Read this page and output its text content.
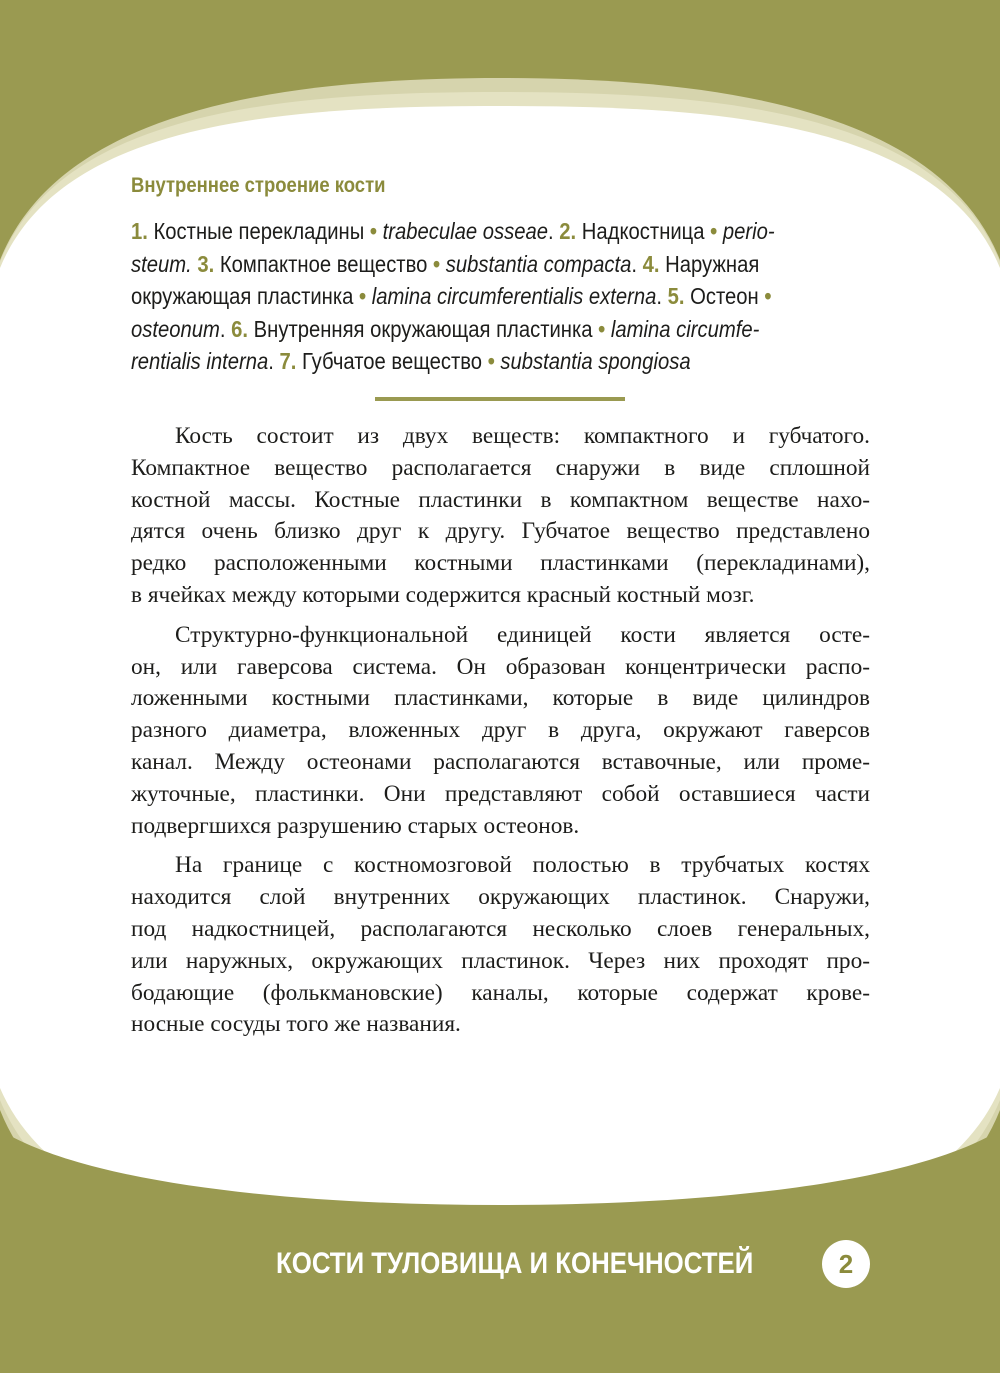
Внутреннее строение кости
1. Костные перекладины • trabeculae osseae. 2. Надкостница • perio-
steum. 3. Компактное вещество • substantia compacta. 4. Наружная
окружающая пластинка • lamina circumferentialis externa. 5. Остеон •
osteonum. 6. Внутренняя окружающая пластинка • lamina circumfe-
rentialis interna. 7. Губчатое вещество • substantia spongiosa

Кость состоит из двух веществ: компактного и губчатого.
Компактное вещество располагается снаружи в виде сплошной
костной массы. Костные пластинки в компактном веществе нахо-
дятся очень близко друг к другу. Губчатое вещество представлено
редко расположенными костными пластинками (перекладинами),
в ячейках между которыми содержится красный костный мозг.

Структурно-функциональной единицей кости является остe-
он, или гаверсова система. Он образован концентрически распо-
ложенными костными пластинками, которые в виде цилиндров
разного диаметра, вложенных друг в друга, окружают гаверсов
канал. Между остеонами располагаются вставочные, или проме-
жуточные, пластинки. Они представляют собой оставшиеся части
подвергшихся разрушению старых остеонов.

На границе с костномозговой полостью в трубчатых костях
находится слой внутренних окружающих пластинок. Снаружи,
под надкостницей, располагаются несколько слоев генеральных,
или наружных, окружающих пластинок. Через них проходят про-
бодающие (фолькмановские) каналы, которые содержат крове-
носные сосуды того же названия.

КОСТИ ТУЛОВИЩА И КОНЕЧНОСТЕЙ	2
